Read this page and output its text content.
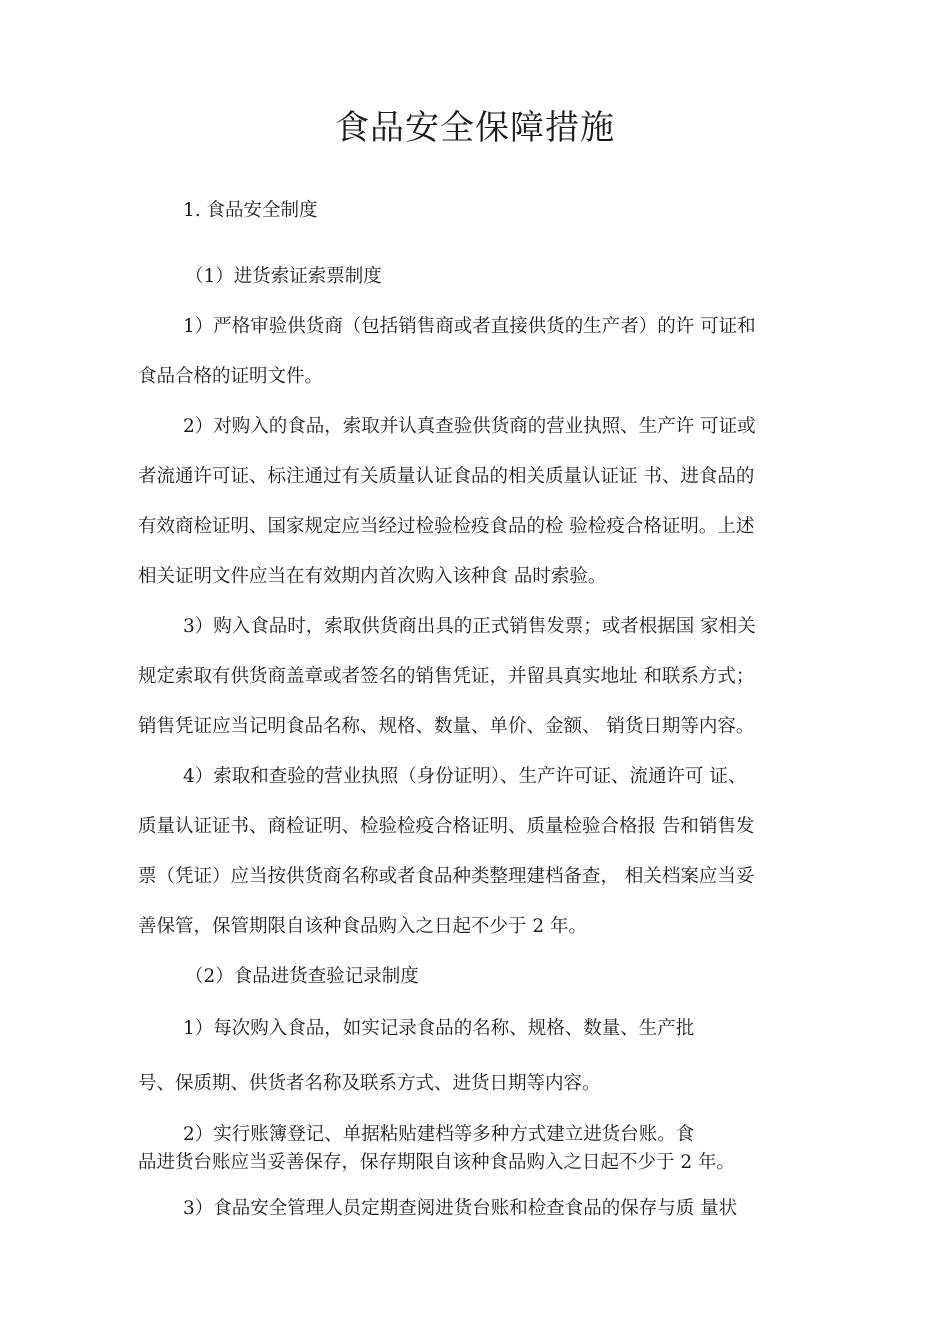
食品安全保障措施

1. 食品安全制度

（1）进货索证索票制度

1）严格审验供货商（包括销售商或者直接供货的生产者）的许 可证和

食品合格的证明文件。

2）对购入的食品，索取并认真查验供货商的营业执照、生产许 可证或

者流通许可证、标注通过有关质量认证食品的相关质量认证证 书、进食品的

有效商检证明、国家规定应当经过检验检疫食品的检 验检疫合格证明。上述

相关证明文件应当在有效期内首次购入该种食 品时索验。

3）购入食品时，索取供货商出具的正式销售发票；或者根据国 家相关

规定索取有供货商盖章或者签名的销售凭证，并留具真实地址 和联系方式；

销售凭证应当记明食品名称、规格、数量、单价、金额、 销货日期等内容。

4）索取和查验的营业执照（身份证明）、生产许可证、流通许可 证、

质量认证证书、商检证明、检验检疫合格证明、质量检验合格报 告和销售发

票（凭证）应当按供货商名称或者食品种类整理建档备查， 相关档案应当妥

善保管，保管期限自该种食品购入之日起不少于 2 年。

（2）食品进货查验记录制度

1）每次购入食品，如实记录食品的名称、规格、数量、生产批

号、保质期、供货者名称及联系方式、进货日期等内容。

2）实行账簿登记、单据粘贴建档等多种方式建立进货台账。食

品进货台账应当妥善保存，保存期限自该种食品购入之日起不少于 2 年。

3）食品安全管理人员定期查阅进货台账和检查食品的保存与质 量状
